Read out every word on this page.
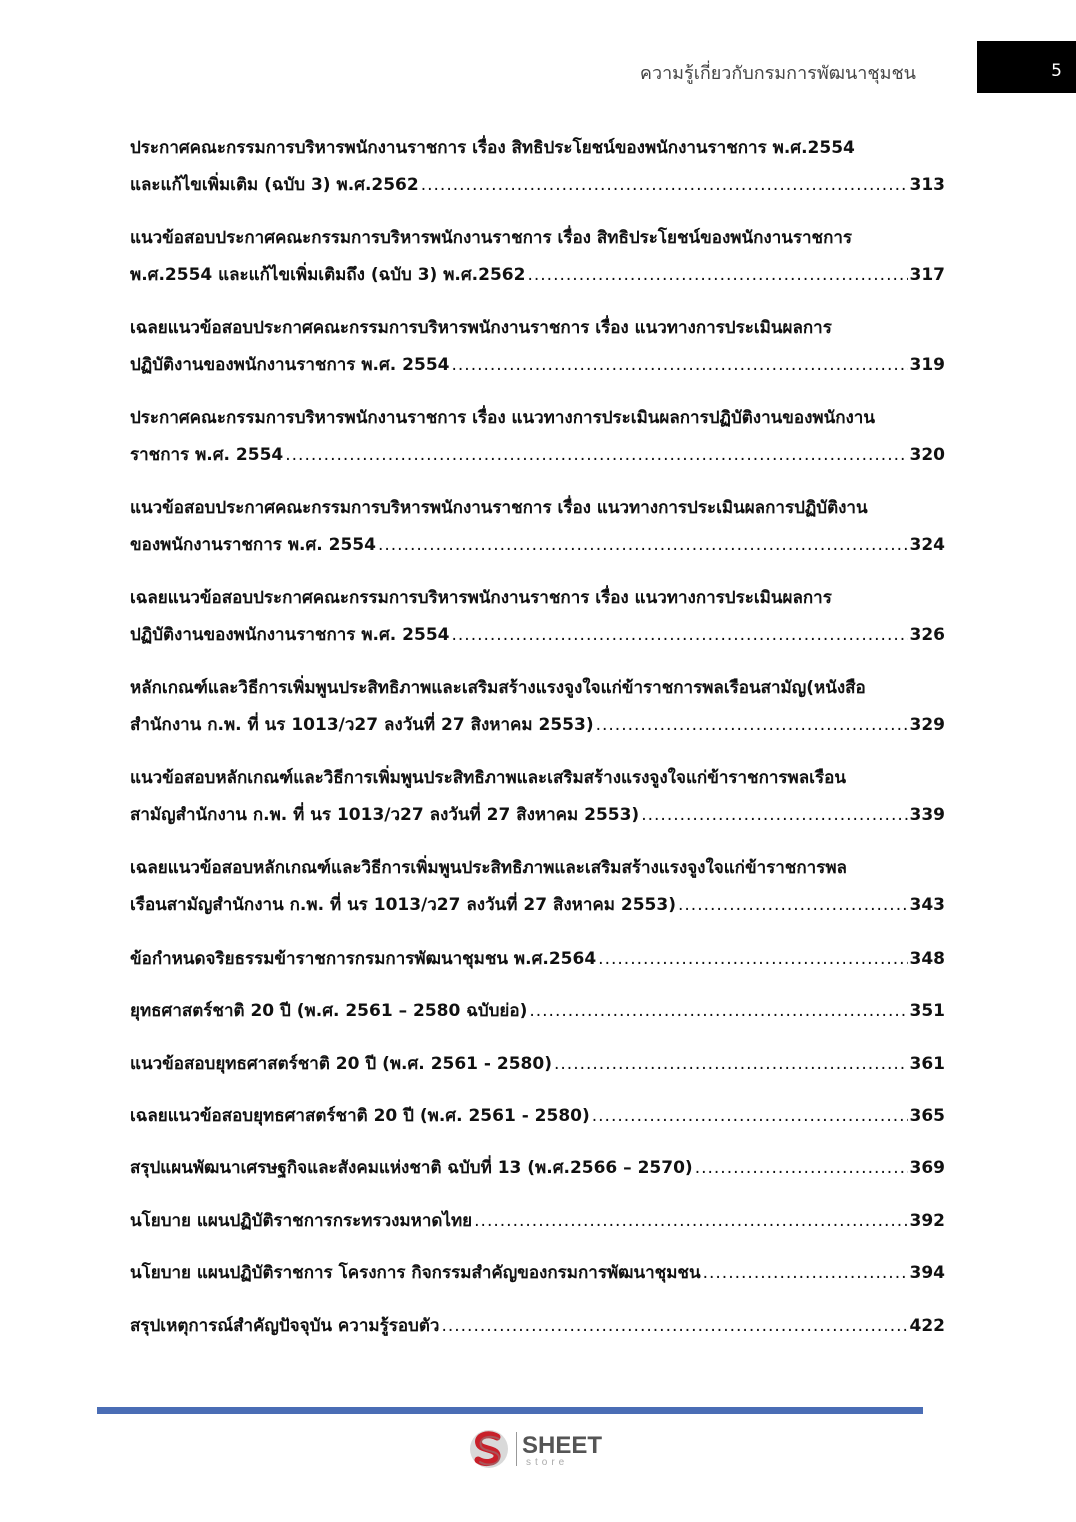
ความรู้เกี่ยวกับกรมการพัฒนาชุมชน	5
ประกาศคณะกรรมการบริหารพนักงานราชการ เรื่อง สิทธิประโยชน์ของพนักงานราชการ พ.ศ.2554
และแก้ไขเพิ่มเติม (ฉบับ 3) พ.ศ.2562 .....	313
แนวข้อสอบประกาศคณะกรรมการบริหารพนักงานราชการ เรื่อง สิทธิประโยชน์ของพนักงานราชการ
พ.ศ.2554 และแก้ไขเพิ่มเติมถึง (ฉบับ 3) พ.ศ.2562 .....	317
เฉลยแนวข้อสอบประกาศคณะกรรมการบริหารพนักงานราชการ เรื่อง แนวทางการประเมินผลการ
ปฏิบัติงานของพนักงานราชการ พ.ศ. 2554 .....	319
ประกาศคณะกรรมการบริหารพนักงานราชการ เรื่อง แนวทางการประเมินผลการปฏิบัติงานของพนักงาน
ราชการ พ.ศ. 2554 .....	320
แนวข้อสอบประกาศคณะกรรมการบริหารพนักงานราชการ เรื่อง แนวทางการประเมินผลการปฏิบัติงาน
ของพนักงานราชการ พ.ศ. 2554 .....	324
เฉลยแนวข้อสอบประกาศคณะกรรมการบริหารพนักงานราชการ เรื่อง แนวทางการประเมินผลการ
ปฏิบัติงานของพนักงานราชการ พ.ศ. 2554 .....	326
หลักเกณฑ์และวิธีการเพิ่มพูนประสิทธิภาพและเสริมสร้างแรงจูงใจแก่ข้าราชการพลเรือนสามัญ(หนังสือ
สำนักงาน ก.พ. ที่ นร 1013/ว27 ลงวันที่ 27 สิงหาคม 2553) .....	329
แนวข้อสอบหลักเกณฑ์และวิธีการเพิ่มพูนประสิทธิภาพและเสริมสร้างแรงจูงใจแก่ข้าราชการพลเรือน
สามัญสำนักงาน ก.พ. ที่ นร 1013/ว27 ลงวันที่ 27 สิงหาคม 2553) .....	339
เฉลยแนวข้อสอบหลักเกณฑ์และวิธีการเพิ่มพูนประสิทธิภาพและเสริมสร้างแรงจูงใจแก่ข้าราชการพล
เรือนสามัญสำนักงาน ก.พ. ที่ นร 1013/ว27 ลงวันที่ 27 สิงหาคม 2553) .....	343
ข้อกำหนดจริยธรรมข้าราชการกรมการพัฒนาชุมชน พ.ศ.2564 .....	348
ยุทธศาสตร์ชาติ 20 ปี (พ.ศ. 2561 – 2580 ฉบับย่อ) .....	351
แนวข้อสอบยุทธศาสตร์ชาติ 20 ปี (พ.ศ. 2561 - 2580) .....	361
เฉลยแนวข้อสอบยุทธศาสตร์ชาติ 20 ปี (พ.ศ. 2561 - 2580) .....	365
สรุปแผนพัฒนาเศรษฐกิจและสังคมแห่งชาติ ฉบับที่ 13 (พ.ศ.2566 – 2570) .....	369
นโยบาย แผนปฏิบัติราชการกระทรวงมหาดไทย .....	392
นโยบาย แผนปฏิบัติราชการ โครงการ กิจกรรมสำคัญของกรมการพัฒนาชุมชน .....	394
สรุปเหตุการณ์สำคัญปัจจุบัน ความรู้รอบตัว .....	422
SHEET
store
